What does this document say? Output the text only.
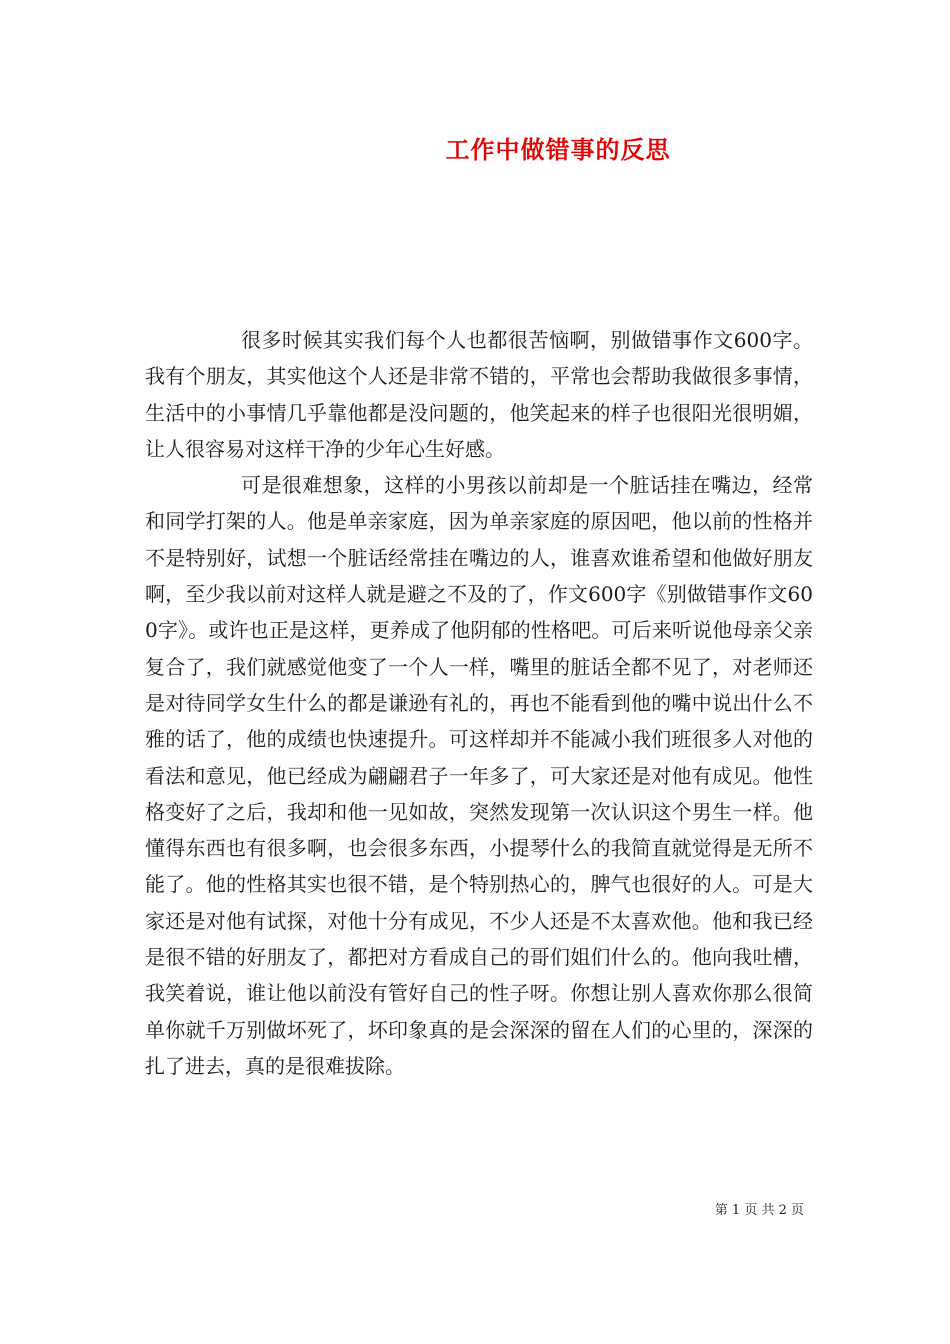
工作中做错事的反思

很多时候其实我们每个人也都很苦恼啊，别做错事作文600字。我有个朋友，其实他这个人还是非常不错的，平常也会帮助我做很多事情，生活中的小事情几乎靠他都是没问题的，他笑起来的样子也很阳光很明媚，让人很容易对这样干净的少年心生好感。

可是很难想象，这样的小男孩以前却是一个脏话挂在嘴边，经常和同学打架的人。他是单亲家庭，因为单亲家庭的原因吧，他以前的性格并不是特别好，试想一个脏话经常挂在嘴边的人，谁喜欢谁希望和他做好朋友啊，至少我以前对这样人就是避之不及的了，作文600字《别做错事作文600字》。或许也正是这样，更养成了他阴郁的性格吧。可后来听说他母亲父亲复合了，我们就感觉他变了一个人一样，嘴里的脏话全都不见了，对老师还是对待同学女生什么的都是谦逊有礼的，再也不能看到他的嘴中说出什么不雅的话了，他的成绩也快速提升。可这样却并不能减小我们班很多人对他的看法和意见，他已经成为翩翩君子一年多了，可大家还是对他有成见。他性格变好了之后，我却和他一见如故，突然发现第一次认识这个男生一样。他懂得东西也有很多啊，也会很多东西，小提琴什么的我简直就觉得是无所不能了。他的性格其实也很不错，是个特别热心的，脾气也很好的人。可是大家还是对他有试探，对他十分有成见，不少人还是不太喜欢他。他和我已经是很不错的好朋友了，都把对方看成自己的哥们姐们什么的。他向我吐槽，我笑着说，谁让他以前没有管好自己的性子呀。你想让别人喜欢你那么很简单你就千万别做坏死了，坏印象真的是会深深的留在人们的心里的，深深的扎了进去，真的是很难拔除。

第 1 页 共 2 页
